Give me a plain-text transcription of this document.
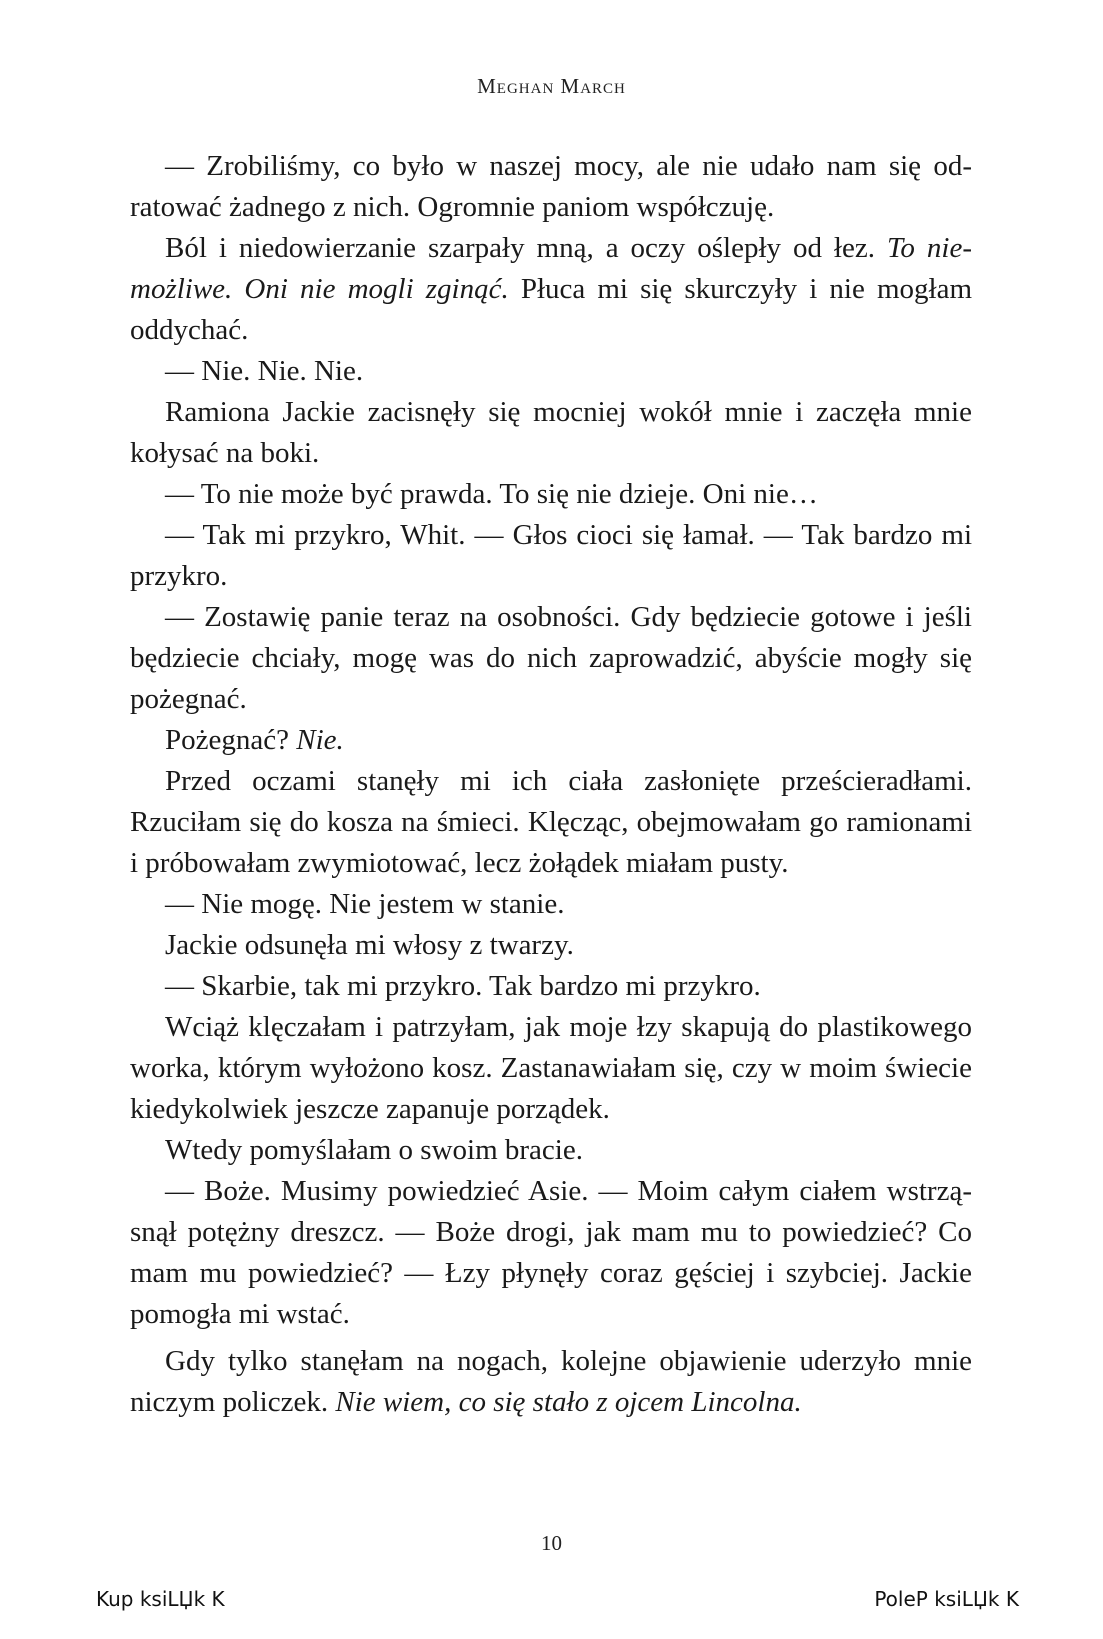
Meghan March

— Zrobiliśmy, co było w naszej mocy, ale nie udało nam się odratować żadnego z nich. Ogromnie paniom współczuję.

Ból i niedowierzanie szarpały mną, a oczy oślepły od łez. To niemożliwe. Oni nie mogli zginąć. Płuca mi się skurczyły i nie mogłam oddychać.

— Nie. Nie. Nie.

Ramiona Jackie zacisnęły się mocniej wokół mnie i zaczęła mnie kołysać na boki.

— To nie może być prawda. To się nie dzieje. Oni nie…

— Tak mi przykro, Whit. — Głos cioci się łamał. — Tak bardzo mi przykro.

— Zostawię panie teraz na osobności. Gdy będziecie gotowe i jeśli będziecie chciały, mogę was do nich zaprowadzić, abyście mogły się pożegnać.

Pożegnać? Nie.

Przed oczami stanęły mi ich ciała zasłonięte prześcieradłami. Rzuciłam się do kosza na śmieci. Klęcząc, obejmowałam go ramionami i próbowałam zwymiotować, lecz żołądek miałam pusty.

— Nie mogę. Nie jestem w stanie.

Jackie odsunęła mi włosy z twarzy.

— Skarbie, tak mi przykro. Tak bardzo mi przykro.

Wciąż klęczałam i patrzyłam, jak moje łzy skapują do plastikowego worka, którym wyłożono kosz. Zastanawiałam się, czy w moim świecie kiedykolwiek jeszcze zapanuje porządek.

Wtedy pomyślałam o swoim bracie.

— Boże. Musimy powiedzieć Asie. — Moim całym ciałem wstrząsnął potężny dreszcz. — Boże drogi, jak mam mu to powiedzieć? Co mam mu powiedzieć? — Łzy płynęły coraz gęściej i szybciej. Jackie pomogła mi wstać.

Gdy tylko stanęłam na nogach, kolejne objawienie uderzyło mnie niczym policzek. Nie wiem, co się stało z ojcem Lincolna.

10
Kup ksiLЏk K	PoleP ksiLЏk K
